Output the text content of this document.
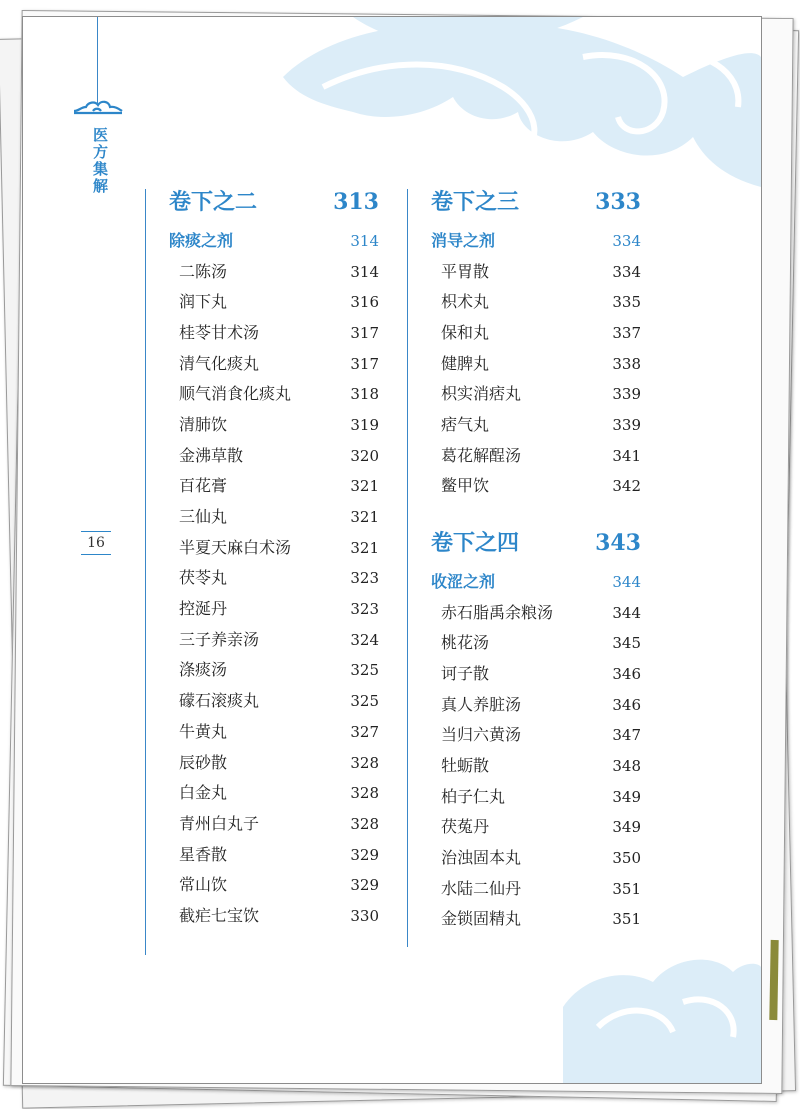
医方集解
16
卷下之二	313
除痰之剂	314
二陈汤	314
润下丸	316
桂苓甘术汤	317
清气化痰丸	317
顺气消食化痰丸	318
清肺饮	319
金沸草散	320
百花膏	321
三仙丸	321
半夏天麻白术汤	321
茯苓丸	323
控涎丹	323
三子养亲汤	324
涤痰汤	325
礞石滚痰丸	325
牛黄丸	327
辰砂散	328
白金丸	328
青州白丸子	328
星香散	329
常山饮	329
截疟七宝饮	330
卷下之三	333
消导之剂	334
平胃散	334
枳术丸	335
保和丸	337
健脾丸	338
枳实消痞丸	339
痞气丸	339
葛花解酲汤	341
鳖甲饮	342
卷下之四	343
收涩之剂	344
赤石脂禹余粮汤	344
桃花汤	345
诃子散	346
真人养脏汤	346
当归六黄汤	347
牡蛎散	348
柏子仁丸	349
茯菟丹	349
治浊固本丸	350
水陆二仙丹	351
金锁固精丸	351
